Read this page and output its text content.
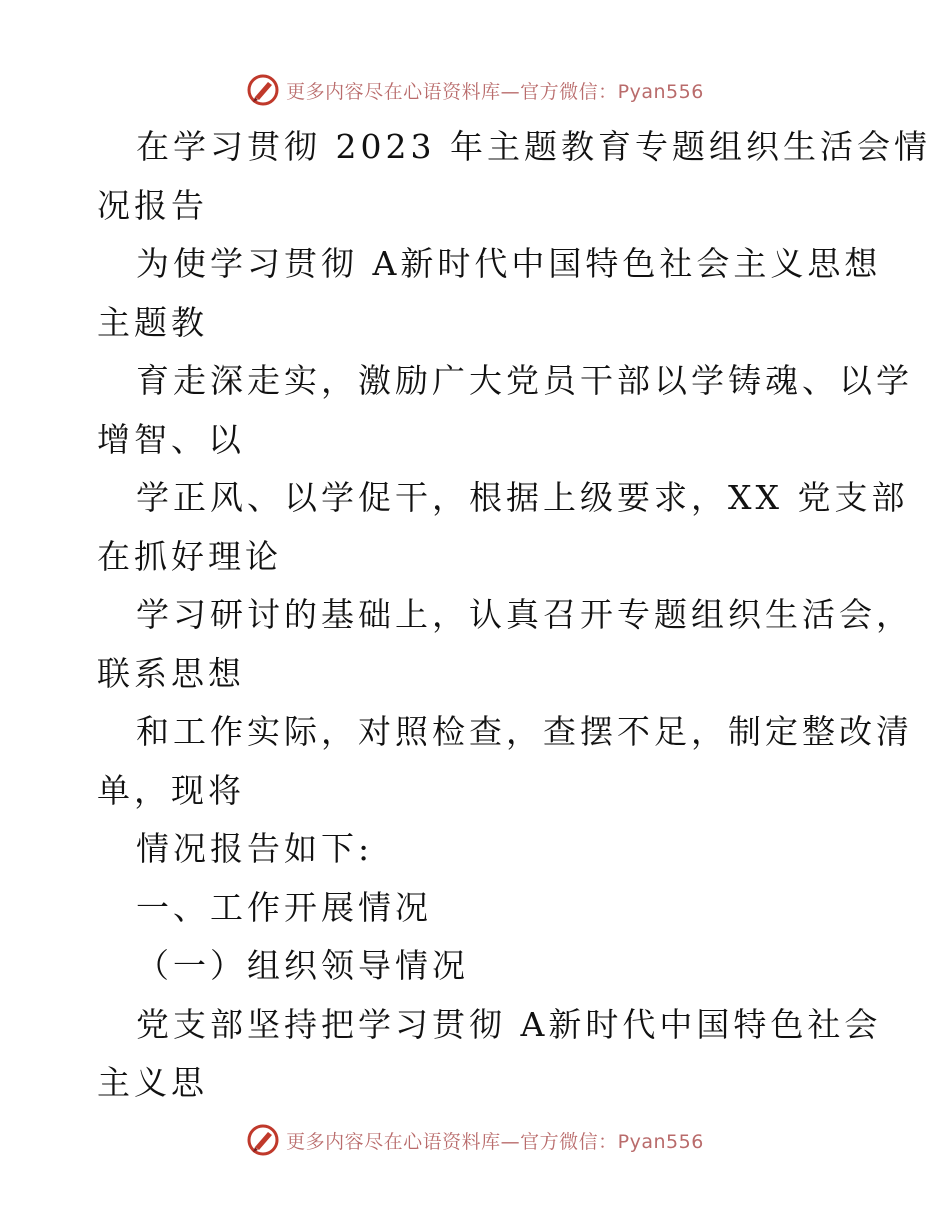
更多内容尽在心语资料库—官方微信：Pyan556

在学习贯彻 2023 年主题教育专题组织生活会情

况报告

为使学习贯彻 A新时代中国特色社会主义思想

主题教

育走深走实，激励广大党员干部以学铸魂、以学

增智、以

学正风、以学促干，根据上级要求，XX 党支部

在抓好理论

学习研讨的基础上，认真召开专题组织生活会，

联系思想

和工作实际，对照检查，查摆不足，制定整改清

单，现将

情况报告如下:

一、工作开展情况

（一）组织领导情况

党支部坚持把学习贯彻 A新时代中国特色社会

主义思

更多内容尽在心语资料库—官方微信：Pyan556
